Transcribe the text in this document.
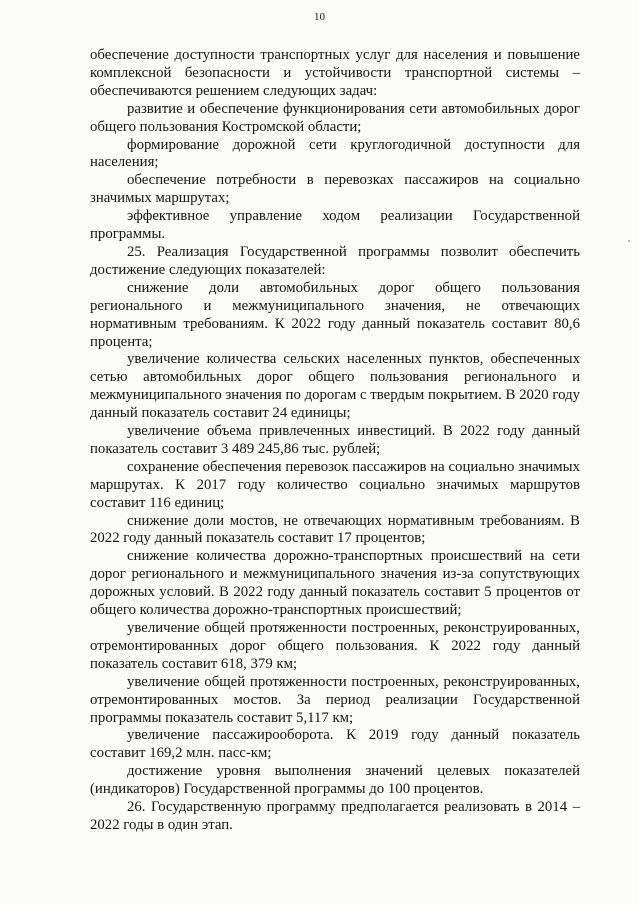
10

обеспечение доступности транспортных услуг для населения и повышение комплексной безопасности и устойчивости транспортной системы – обеспечиваются решением следующих задач:

развитие и обеспечение функционирования сети автомобильных дорог общего пользования Костромской области;

формирование дорожной сети круглогодичной доступности для населения;

обеспечение потребности в перевозках пассажиров на социально значимых маршрутах;

эффективное управление ходом реализации Государственной программы.

25. Реализация Государственной программы позволит обеспечить достижение следующих показателей:

снижение доли автомобильных дорог общего пользования регионального и межмуниципального значения, не отвечающих нормативным требованиям. К 2022 году данный показатель составит 80,6 процента;

увеличение количества сельских населенных пунктов, обеспеченных сетью автомобильных дорог общего пользования регионального и межмуниципального значения по дорогам с твердым покрытием. В 2020 году данный показатель составит 24 единицы;

увеличение объема привлеченных инвестиций. В 2022 году данный показатель составит 3 489 245,86 тыс. рублей;

сохранение обеспечения перевозок пассажиров на социально значимых маршрутах. К 2017 году количество социально значимых маршрутов составит 116 единиц;

снижение доли мостов, не отвечающих нормативным требованиям. В 2022 году данный показатель составит 17 процентов;

снижение количества дорожно-транспортных происшествий на сети дорог регионального и межмуниципального значения из-за сопутствующих дорожных условий. В 2022 году данный показатель составит 5 процентов от общего количества дорожно-транспортных происшествий;

увеличение общей протяженности построенных, реконструированных, отремонтированных дорог общего пользования. К 2022 году данный показатель составит 618, 379 км;

увеличение общей протяженности построенных, реконструированных, отремонтированных мостов. За период реализации Государственной программы показатель составит 5,117 км;

увеличение пассажирооборота. К 2019 году данный показатель составит 169,2 млн. пасс-км;

достижение уровня выполнения значений целевых показателей (индикаторов) Государственной программы до 100 процентов.

26. Государственную программу предполагается реализовать в 2014 – 2022 годы в один этап.
